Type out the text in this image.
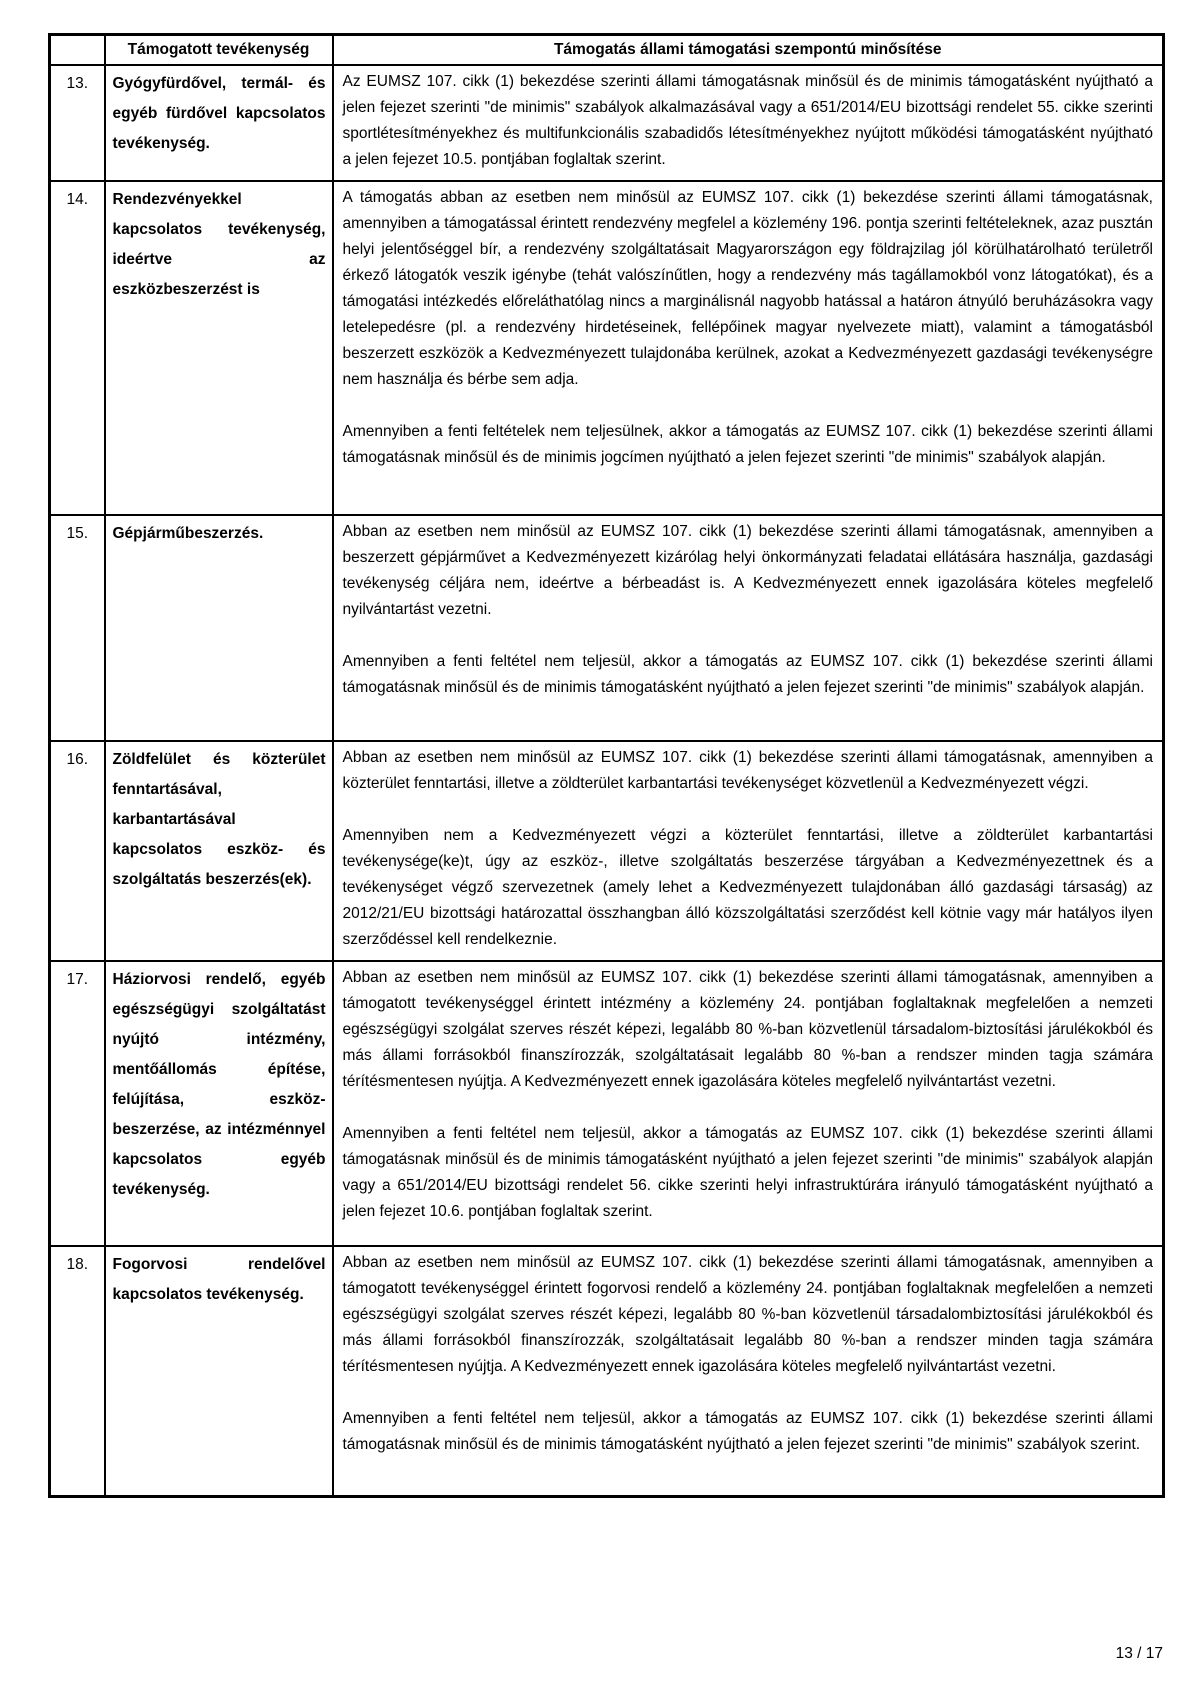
	Támogatott tevékenység	Támogatás állami támogatási szempontú minősítése
13.	Gyógyfürdővel, termál- és egyéb fürdővel kapcsolatos tevékenység.	Az EUMSZ 107. cikk (1) bekezdése szerinti állami támogatásnak minősül és de minimis támogatásként nyújtható a jelen fejezet szerinti "de minimis" szabályok alkalmazásával vagy a 651/2014/EU bizottsági rendelet 55. cikke szerinti sportlétesítményekhez és multifunkcionális szabadidős létesítményekhez nyújtott működési támogatásként nyújtható a jelen fejezet 10.5. pontjában foglaltak szerint.

14.	Rendezvényekkel kapcsolatos tevékenység, ideértve az eszközbeszerzést is	A támogatás abban az esetben nem minősül az EUMSZ 107. cikk (1) bekezdése szerinti állami támogatásnak, amennyiben a támogatással érintett rendezvény megfelel a közlemény 196. pontja szerinti feltételeknek, azaz pusztán helyi jelentőséggel bír, a rendezvény szolgáltatásait Magyarországon egy földrajzilag jól körülhatárolható területről érkező látogatók veszik igénybe (tehát valószínűtlen, hogy a rendezvény más tagállamokból vonz látogatókat), és a támogatási intézkedés előreláthatólag nincs a marginálisnál nagyobb hatással a határon átnyúló beruházásokra vagy letelepedésre (pl. a rendezvény hirdetéseinek, fellépőinek magyar nyelvezete miatt), valamint a támogatásból beszerzett eszközök a Kedvezményezett tulajdonába kerülnek, azokat a Kedvezményezett gazdasági tevékenységre nem használja és bérbe sem adja.

Amennyiben a fenti feltételek nem teljesülnek, akkor a támogatás az EUMSZ 107. cikk (1) bekezdése szerinti állami támogatásnak minősül és de minimis jogcímen nyújtható a jelen fejezet szerinti "de minimis" szabályok alapján.

15.	Gépjárműbeszerzés.	Abban az esetben nem minősül az EUMSZ 107. cikk (1) bekezdése szerinti állami támogatásnak, amennyiben a beszerzett gépjárművet a Kedvezményezett kizárólag helyi önkormányzati feladatai ellátására használja, gazdasági tevékenység céljára nem, ideértve a bérbeadást is. A Kedvezményezett ennek igazolására köteles megfelelő nyilvántartást vezetni.

Amennyiben a fenti feltétel nem teljesül, akkor a támogatás az EUMSZ 107. cikk (1) bekezdése szerinti állami támogatásnak minősül és de minimis támogatásként nyújtható a jelen fejezet szerinti "de minimis" szabályok alapján.

16.	Zöldfelület és közterület fenntartásával, karbantartásával kapcsolatos eszköz- és szolgáltatás beszerzés(ek).	Abban az esetben nem minősül az EUMSZ 107. cikk (1) bekezdése szerinti állami támogatásnak, amennyiben a közterület fenntartási, illetve a zöldterület karbantartási tevékenységet közvetlenül a Kedvezményezett végzi.

Amennyiben nem a Kedvezményezett végzi a közterület fenntartási, illetve a zöldterület karbantartási tevékenysége(ke)t, úgy az eszköz-, illetve szolgáltatás beszerzése tárgyában a Kedvezményezettnek és a tevékenységet végző szervezetnek (amely lehet a Kedvezményezett tulajdonában álló gazdasági társaság) az 2012/21/EU bizottsági határozattal összhangban álló közszolgáltatási szerződést kell kötnie vagy már hatályos ilyen szerződéssel kell rendelkeznie.

17.	Háziorvosi rendelő, egyéb egészségügyi szolgáltatást nyújtó intézmény, mentőállomás építése, felújítása, eszköz-beszerzése, az intézménnyel kapcsolatos egyéb tevékenység.	Abban az esetben nem minősül az EUMSZ 107. cikk (1) bekezdése szerinti állami támogatásnak, amennyiben a támogatott tevékenységgel érintett intézmény a közlemény 24. pontjában foglaltaknak megfelelően a nemzeti egészségügyi szolgálat szerves részét képezi, legalább 80 %-ban közvetlenül társadalom-biztosítási járulékokból és más állami forrásokból finanszírozzák, szolgáltatásait legalább 80 %-ban a rendszer minden tagja számára térítésmentesen nyújtja. A Kedvezményezett ennek igazolására köteles megfelelő nyilvántartást vezetni.

Amennyiben a fenti feltétel nem teljesül, akkor a támogatás az EUMSZ 107. cikk (1) bekezdése szerinti állami támogatásnak minősül és de minimis támogatásként nyújtható a jelen fejezet szerinti "de minimis" szabályok alapján vagy a 651/2014/EU bizottsági rendelet 56. cikke szerinti helyi infrastruktúrára irányuló támogatásként nyújtható a jelen fejezet 10.6. pontjában foglaltak szerint.

18.	Fogorvosi rendelővel kapcsolatos tevékenység.	Abban az esetben nem minősül az EUMSZ 107. cikk (1) bekezdése szerinti állami támogatásnak, amennyiben a támogatott tevékenységgel érintett fogorvosi rendelő a közlemény 24. pontjában foglaltaknak megfelelően a nemzeti egészségügyi szolgálat szerves részét képezi, legalább 80 %-ban közvetlenül társadalombiztosítási járulékokból és más állami forrásokból finanszírozzák, szolgáltatásait legalább 80 %-ban a rendszer minden tagja számára térítésmentesen nyújtja. A Kedvezményezett ennek igazolására köteles megfelelő nyilvántartást vezetni.

Amennyiben a fenti feltétel nem teljesül, akkor a támogatás az EUMSZ 107. cikk (1) bekezdése szerinti állami támogatásnak minősül és de minimis támogatásként nyújtható a jelen fejezet szerinti "de minimis" szabályok szerint.

13 / 17
